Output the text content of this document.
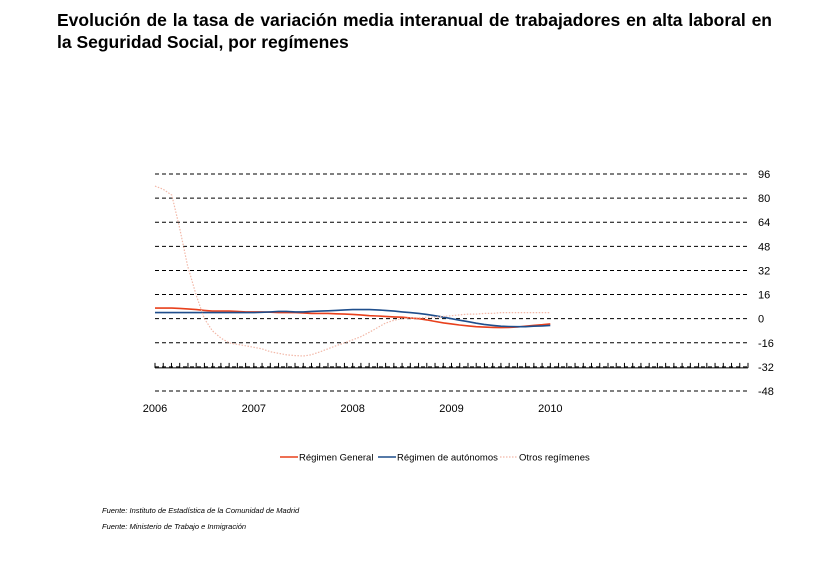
Evolución de la tasa de variación media interanual de trabajadores en alta laboral en la Seguridad Social, por regímenes
96
80
64
48
32
16
0
-16
-32
-48
2006	2007	2008	2009	2010
Régimen General Régimen de autónomos Otros regímenes
Fuente: Instituto de Estadística de la Comunidad de Madrid
Fuente: Ministerio de Trabajo e Inmigración
